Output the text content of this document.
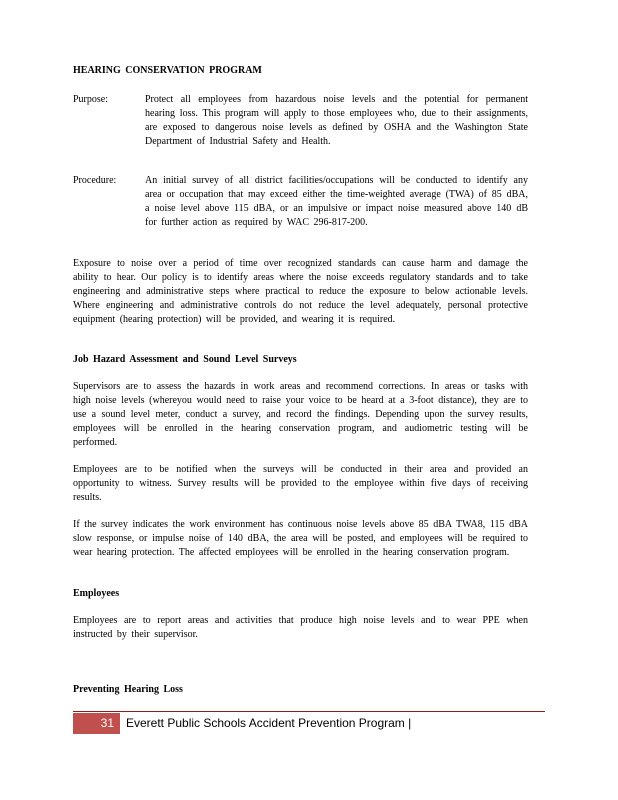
HEARING CONSERVATION PROGRAM
Purpose:	Protect all employees from hazardous noise levels and the potential for permanent hearing loss. This program will apply to those employees who, due to their assignments, are exposed to dangerous noise levels as defined by OSHA and the Washington State Department of Industrial Safety and Health.
Procedure:	An initial survey of all district facilities/occupations will be conducted to identify any area or occupation that may exceed either the time-weighted average (TWA) of 85 dBA, a noise level above 115 dBA, or an impulsive or impact noise measured above 140 dB for further action as required by WAC 296-817-200.
Exposure to noise over a period of time over recognized standards can cause harm and damage the ability to hear. Our policy is to identify areas where the noise exceeds regulatory standards and to take engineering and administrative steps where practical to reduce the exposure to below actionable levels. Where engineering and administrative controls do not reduce the level adequately, personal protective equipment (hearing protection) will be provided, and wearing it is required.
Job Hazard Assessment and Sound Level Surveys
Supervisors are to assess the hazards in work areas and recommend corrections. In areas or tasks with high noise levels (whereyou would need to raise your voice to be heard at a 3-foot distance), they are to use a sound level meter, conduct a survey, and record the findings. Depending upon the survey results, employees will be enrolled in the hearing conservation program, and audiometric testing will be performed.
Employees are to be notified when the surveys will be conducted in their area and provided an opportunity to witness. Survey results will be provided to the employee within five days of receiving results.
If the survey indicates the work environment has continuous noise levels above 85 dBA TWA8, 115 dBA slow response, or impulse noise of 140 dBA, the area will be posted, and employees will be required to wear hearing protection. The affected employees will be enrolled in the hearing conservation program.
Employees
Employees are to report areas and activities that produce high noise levels and to wear PPE when instructed by their supervisor.
Preventing Hearing Loss
31	Everett Public Schools Accident Prevention Program |
